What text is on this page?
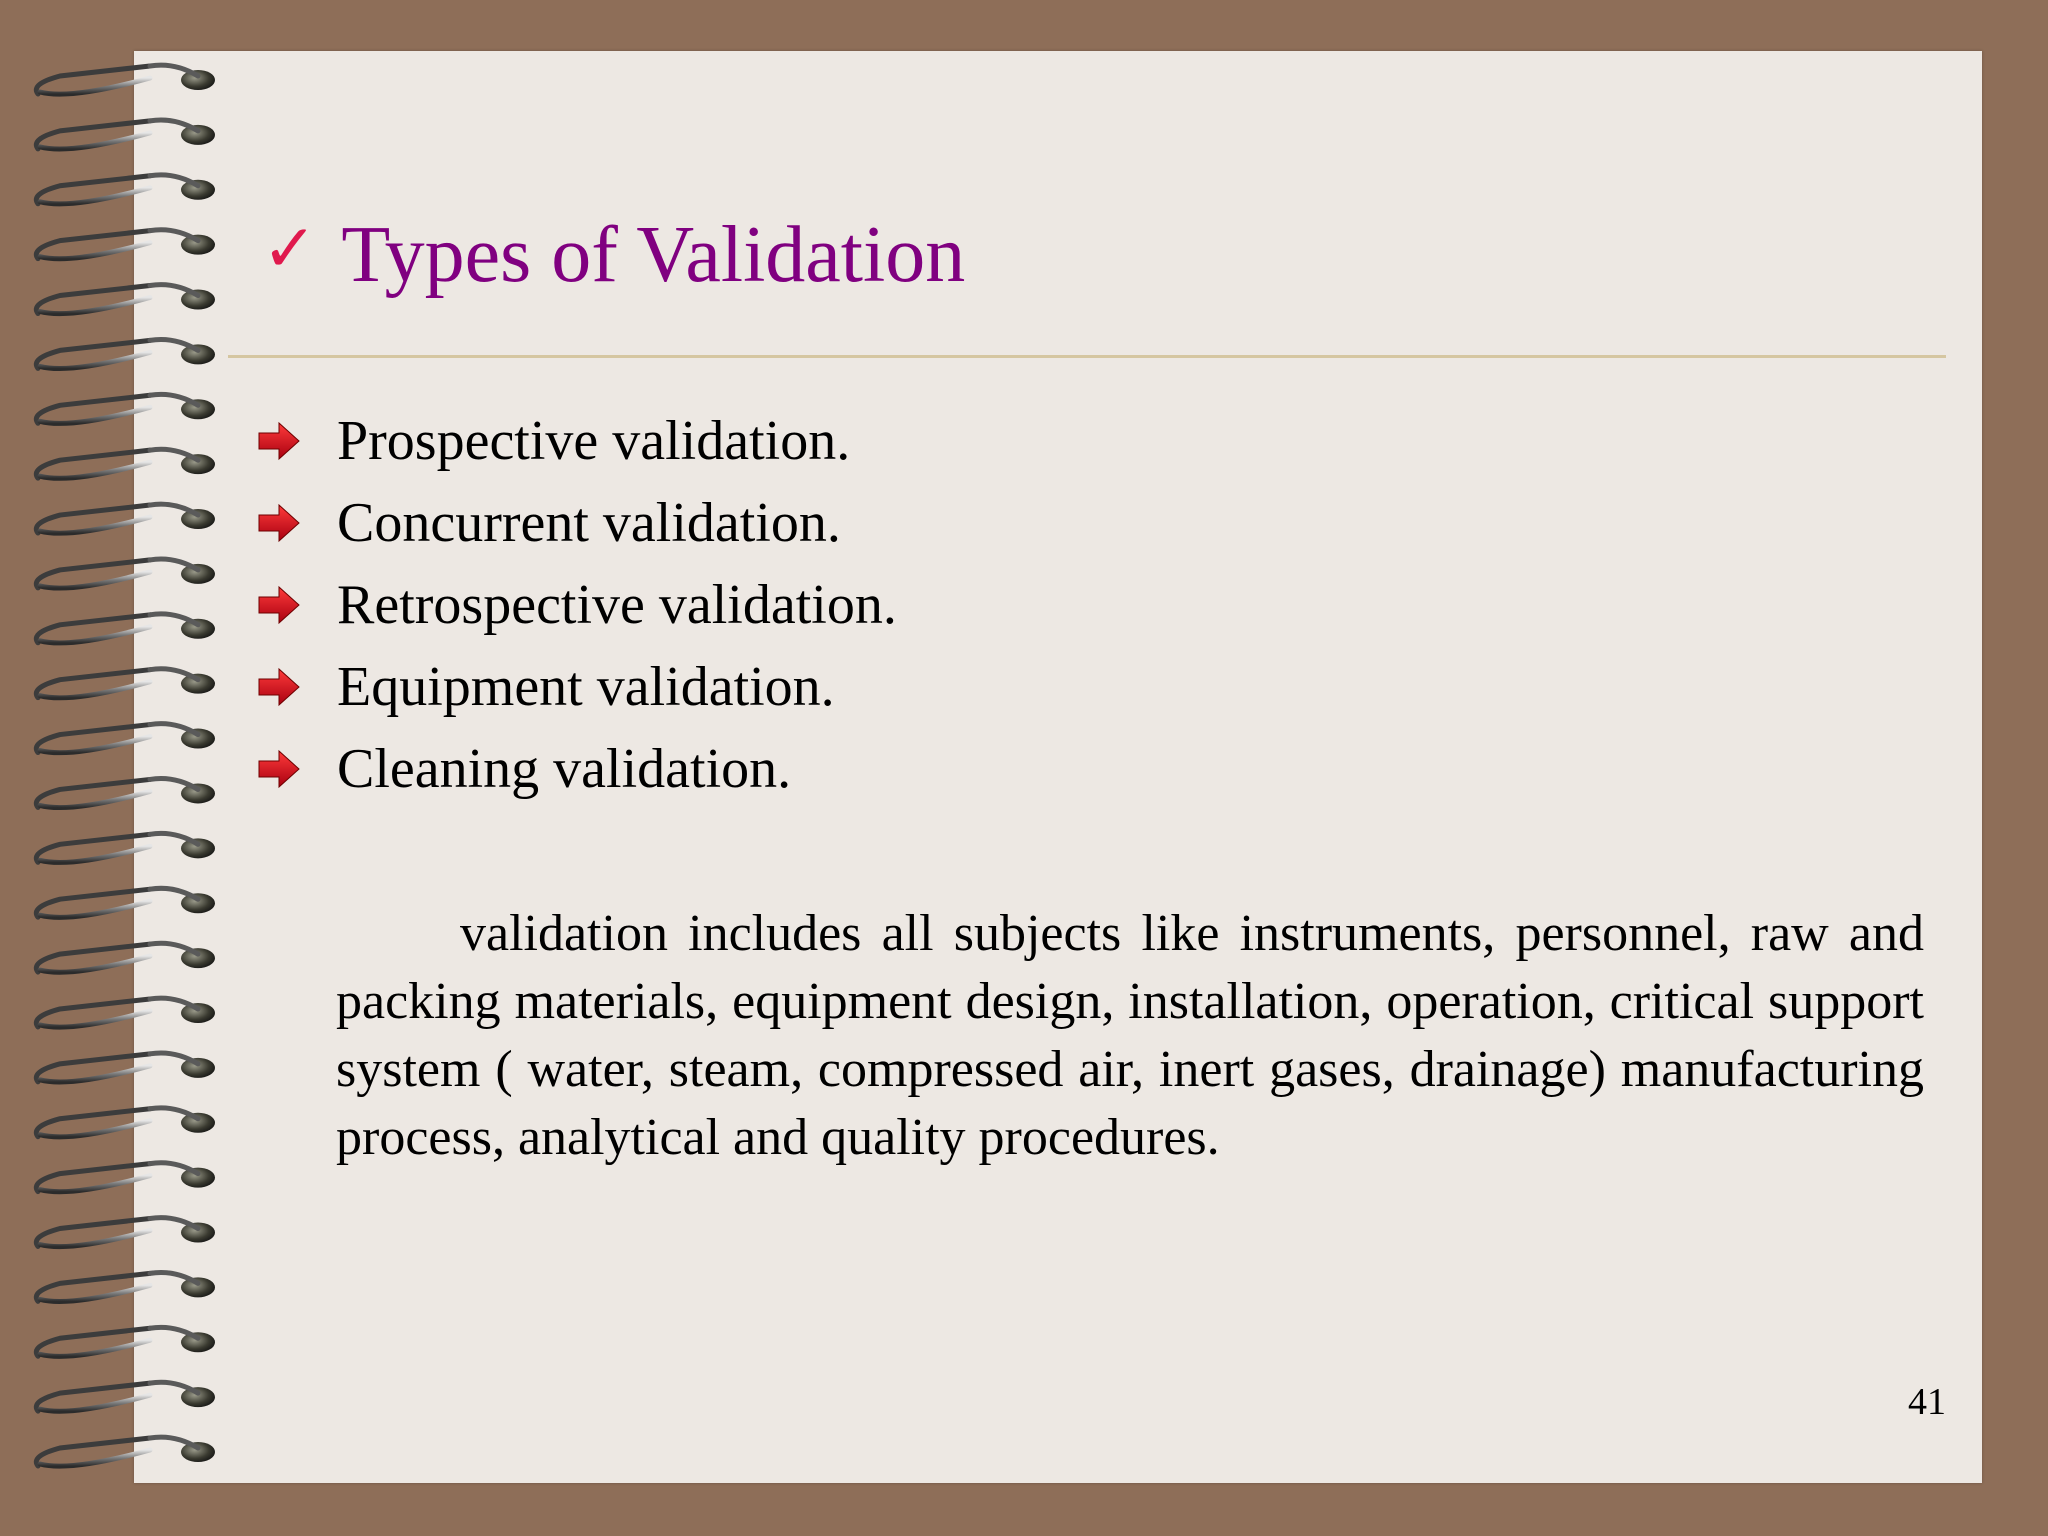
✓ Types of Validation
Prospective validation.
Concurrent validation.
Retrospective validation.
Equipment validation.
Cleaning validation.

validation includes all subjects like instruments, personnel, raw and packing materials, equipment design, installation, operation, critical support system ( water, steam, compressed air, inert gases, drainage) manufacturing process, analytical and quality procedures.

41
